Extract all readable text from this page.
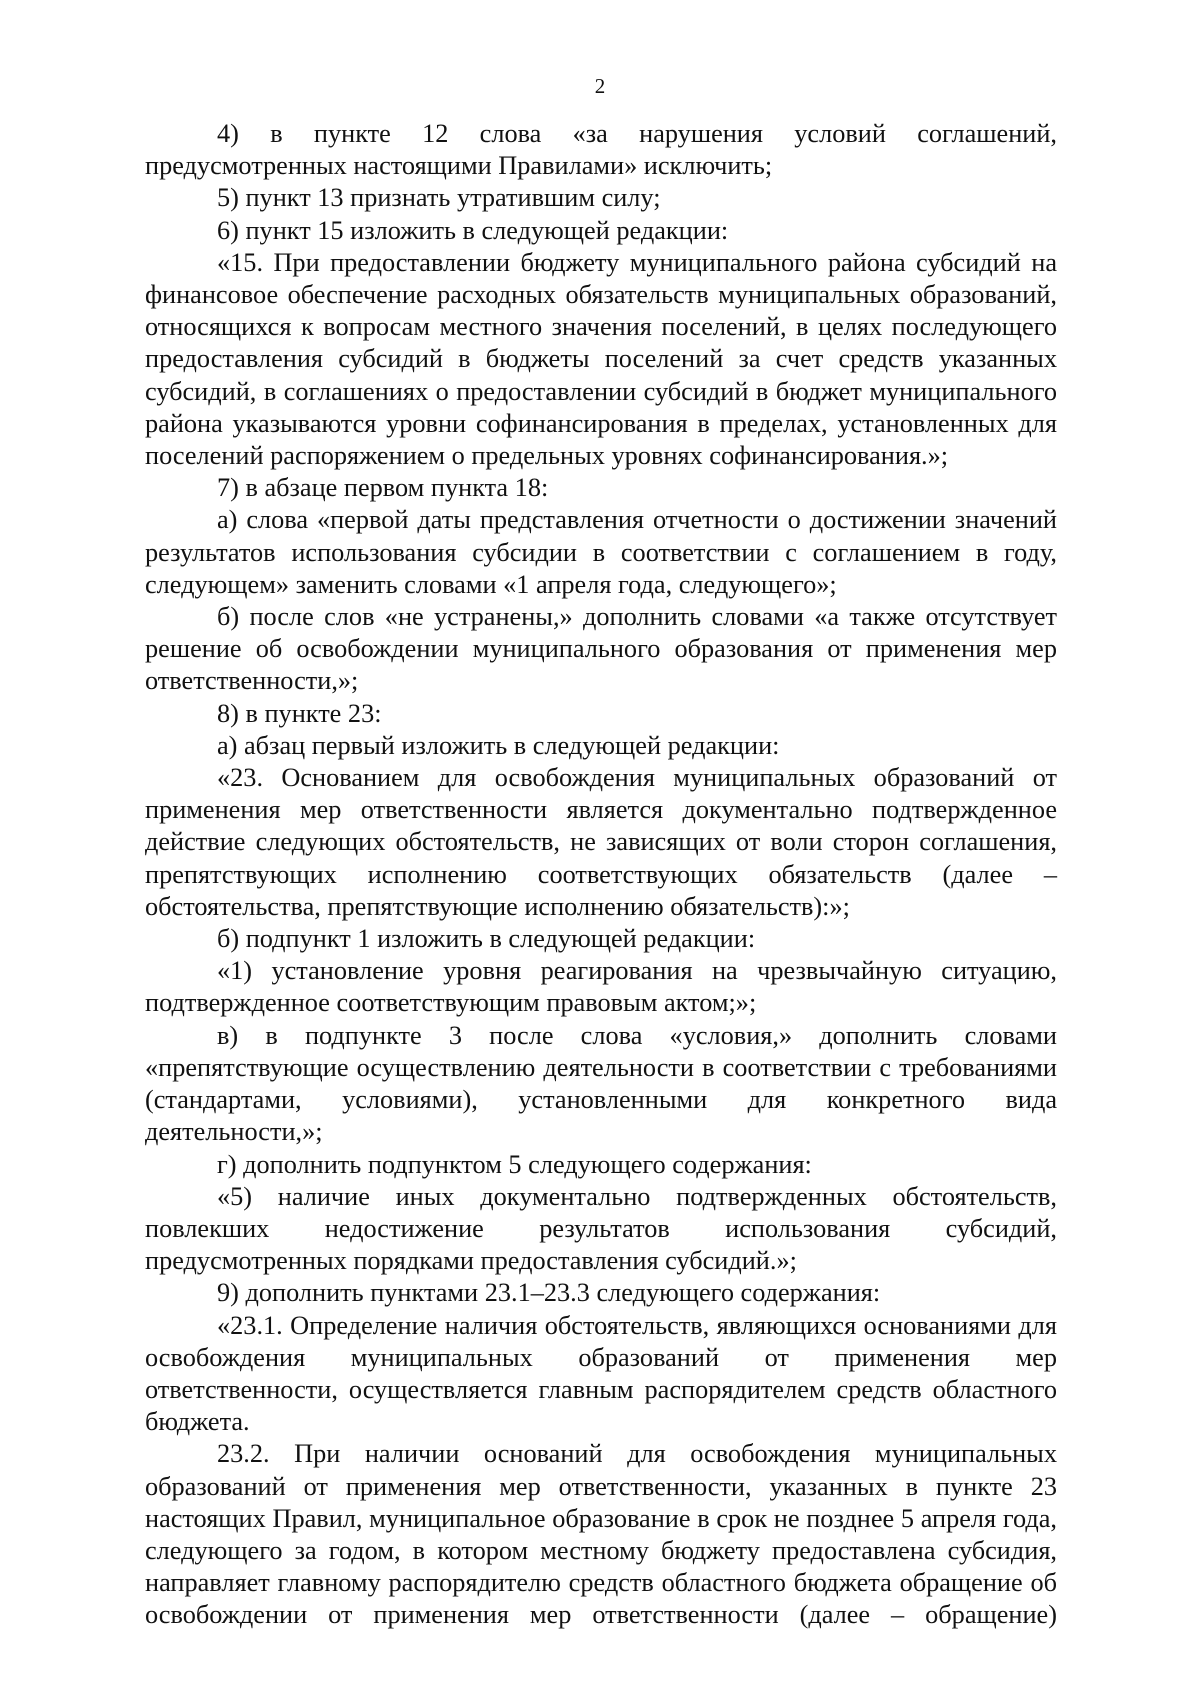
2

4) в пункте 12 слова «за нарушения условий соглашений, предусмотренных настоящими Правилами» исключить;

5) пункт 13 признать утратившим силу;

6) пункт 15 изложить в следующей редакции:

«15. При предоставлении бюджету муниципального района субсидий на финансовое обеспечение расходных обязательств муниципальных образований, относящихся к вопросам местного значения поселений, в целях последующего предоставления субсидий в бюджеты поселений за счет средств указанных субсидий, в соглашениях о предоставлении субсидий в бюджет муниципального района указываются уровни софинансирования в пределах, установленных для поселений распоряжением о предельных уровнях софинансирования.»;

7) в абзаце первом пункта 18:

а) слова «первой даты представления отчетности о достижении значений результатов использования субсидии в соответствии с соглашением в году, следующем» заменить словами «1 апреля года, следующего»;

б) после слов «не устранены,» дополнить словами «а также отсутствует решение об освобождении муниципального образования от применения мер ответственности,»;

8) в пункте 23:

а) абзац первый изложить в следующей редакции:

«23. Основанием для освобождения муниципальных образований от применения мер ответственности является документально подтвержденное действие следующих обстоятельств, не зависящих от воли сторон соглашения, препятствующих исполнению соответствующих обязательств (далее – обстоятельства, препятствующие исполнению обязательств):»;

б) подпункт 1 изложить в следующей редакции:

«1) установление уровня реагирования на чрезвычайную ситуацию, подтвержденное соответствующим правовым актом;»;

в) в подпункте 3 после слова «условия,» дополнить словами «препятствующие осуществлению деятельности в соответствии с требованиями (стандартами, условиями), установленными для конкретного вида деятельности,»;

г) дополнить подпунктом 5 следующего содержания:

«5) наличие иных документально подтвержденных обстоятельств, повлекших недостижение результатов использования субсидий, предусмотренных порядками предоставления субсидий.»;

9) дополнить пунктами 23.1–23.3 следующего содержания:

«23.1. Определение наличия обстоятельств, являющихся основаниями для освобождения муниципальных образований от применения мер ответственности, осуществляется главным распорядителем средств областного бюджета.

23.2. При наличии оснований для освобождения муниципальных образований от применения мер ответственности, указанных в пункте 23 настоящих Правил, муниципальное образование в срок не позднее 5 апреля года, следующего за годом, в котором местному бюджету предоставлена субсидия, направляет главному распорядителю средств областного бюджета обращение об освобождении от применения мер ответственности (далее – обращение)
